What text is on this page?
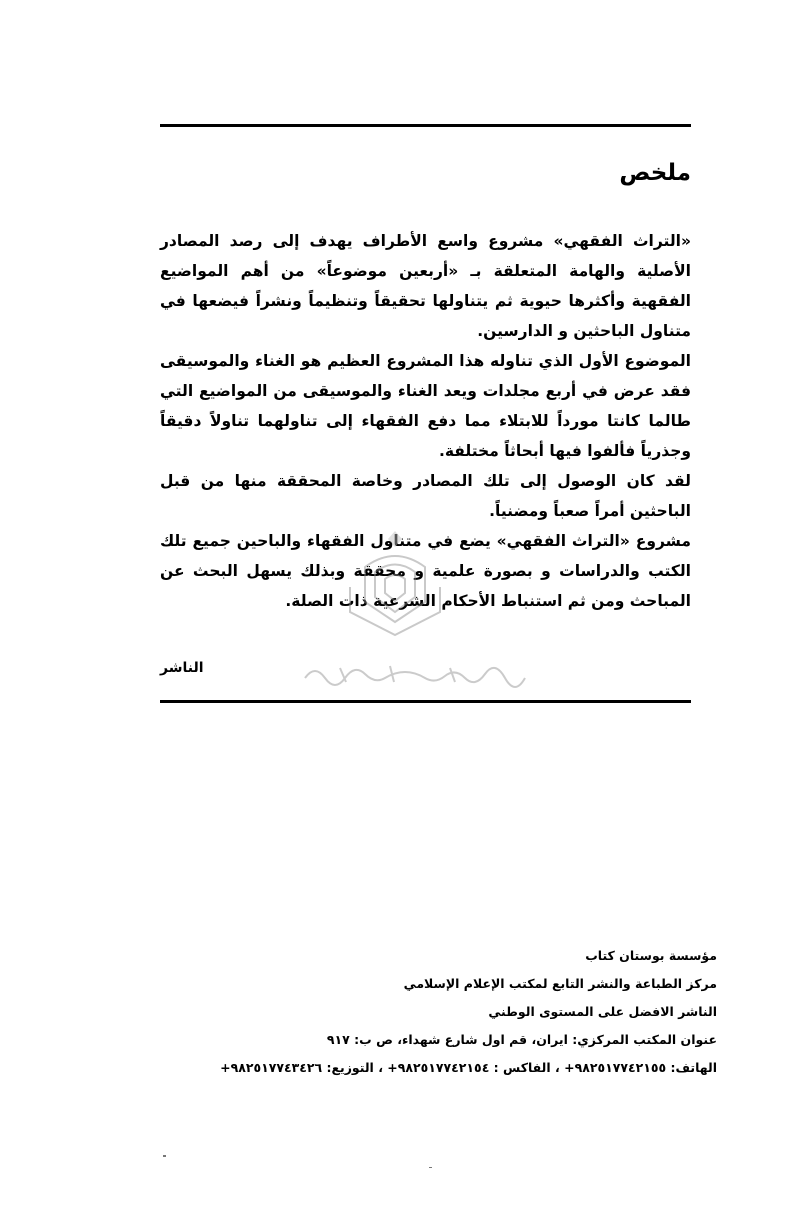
ملخص

«التراث الفقهي» مشروع واسع الأطراف يهدف إلى رصد المصادر الأصلية والهامة المتعلقة بـ «أربعين موضوعاً» من أهم المواضيع الفقهية وأكثرها حيوية ثم يتناولها تحقيقاً وتنظيماً ونشراً فيضعها في متناول الباحثين و الدارسين.

الموضوع الأول الذي تناوله هذا المشروع العظيم هو الغناء والموسيقى فقد عرض في أربع مجلدات ويعد الغناء والموسيقى من المواضيع التي طالما كانتا مورداً للابتلاء مما دفع الفقهاء إلى تناولهما تناولاً دقيقاً وجذرياً فألفوا فيها أبحاثاً مختلفة.

لقد كان الوصول إلى تلك المصادر وخاصة المحققة منها من قبل الباحثين أمراً صعباً ومضنياً.

مشروع «التراث الفقهي» يضع في متناول الفقهاء والباحين جميع تلك الكتب والدراسات و بصورة علمية و محققة وبذلك يسهل البحث عن المباحث ومن ثم استنباط الأحكام الشرعية ذات الصلة.

الناشر
مؤسسة بوستان كتاب
مركز الطباعة والنشر التابع لمكتب الإعلام الإسلامي
الناشر الافضل على المستوى الوطني
عنوان المكتب المركزي: ايران، قم اول شارع شهداء، ص ب: ٩١٧
الهاتف: ٩٨٢٥١٧٧٤٢١٥٥+ ، الفاكس : ٩٨٢٥١٧٧٤٢١٥٤+ ، التوزيع: ٩٨٢٥١٧٧٤٣٤٢٦+
